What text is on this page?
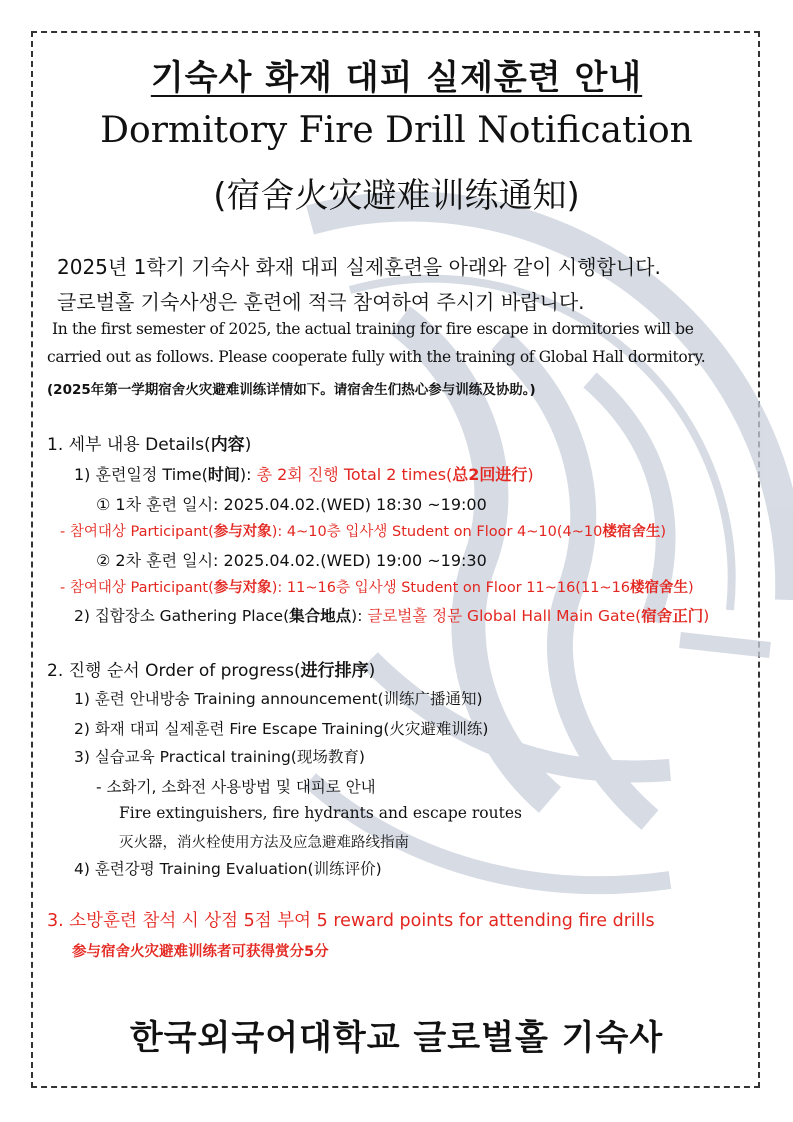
기숙사 화재 대피 실제훈련 안내
Dormitory Fire Drill Notification
(宿舍火灾避难训练通知)
2025년 1학기 기숙사 화재 대피 실제훈련을 아래와 같이 시행합니다.
글로벌홀 기숙사생은 훈련에 적극 참여하여 주시기 바랍니다.
In the first semester of 2025, the actual training for fire escape in dormitories will be
carried out as follows. Please cooperate fully with the training of Global Hall dormitory.
(2025年第一学期宿舍火灾避难训练详情如下。请宿舍生们热心参与训练及协助。)
1. 세부 내용 Details(内容)
1) 훈련일정 Time(时间): 총 2회 진행 Total 2 times(总2回进行)
① 1차 훈련 일시: 2025.04.02.(WED) 18:30 ~19:00
- 참여대상 Participant(参与对象): 4~10층 입사생 Student on Floor 4~10(4~10楼宿舍生)
② 2차 훈련 일시: 2025.04.02.(WED) 19:00 ~19:30
- 참여대상 Participant(参与对象): 11~16층 입사생 Student on Floor 11~16(11~16楼宿舍生)
2) 집합장소 Gathering Place(集合地点): 글로벌홀 정문 Global Hall Main Gate(宿舍正门)
2. 진행 순서 Order of progress(进行排序)
1) 훈련 안내방송 Training announcement(训练广播通知)
2) 화재 대피 실제훈련 Fire Escape Training(火灾避难训练)
3) 실습교육 Practical training(现场教育)
- 소화기, 소화전 사용방법 및 대피로 안내
Fire extinguishers, fire hydrants and escape routes
灭火器，消火栓使用方法及应急避难路线指南
4) 훈련강평 Training Evaluation(训练评价)
3. 소방훈련 참석 시 상점 5점 부여 5 reward points for attending fire drills
参与宿舍火灾避难训练者可获得赏分5分
한국외국어대학교 글로벌홀 기숙사
